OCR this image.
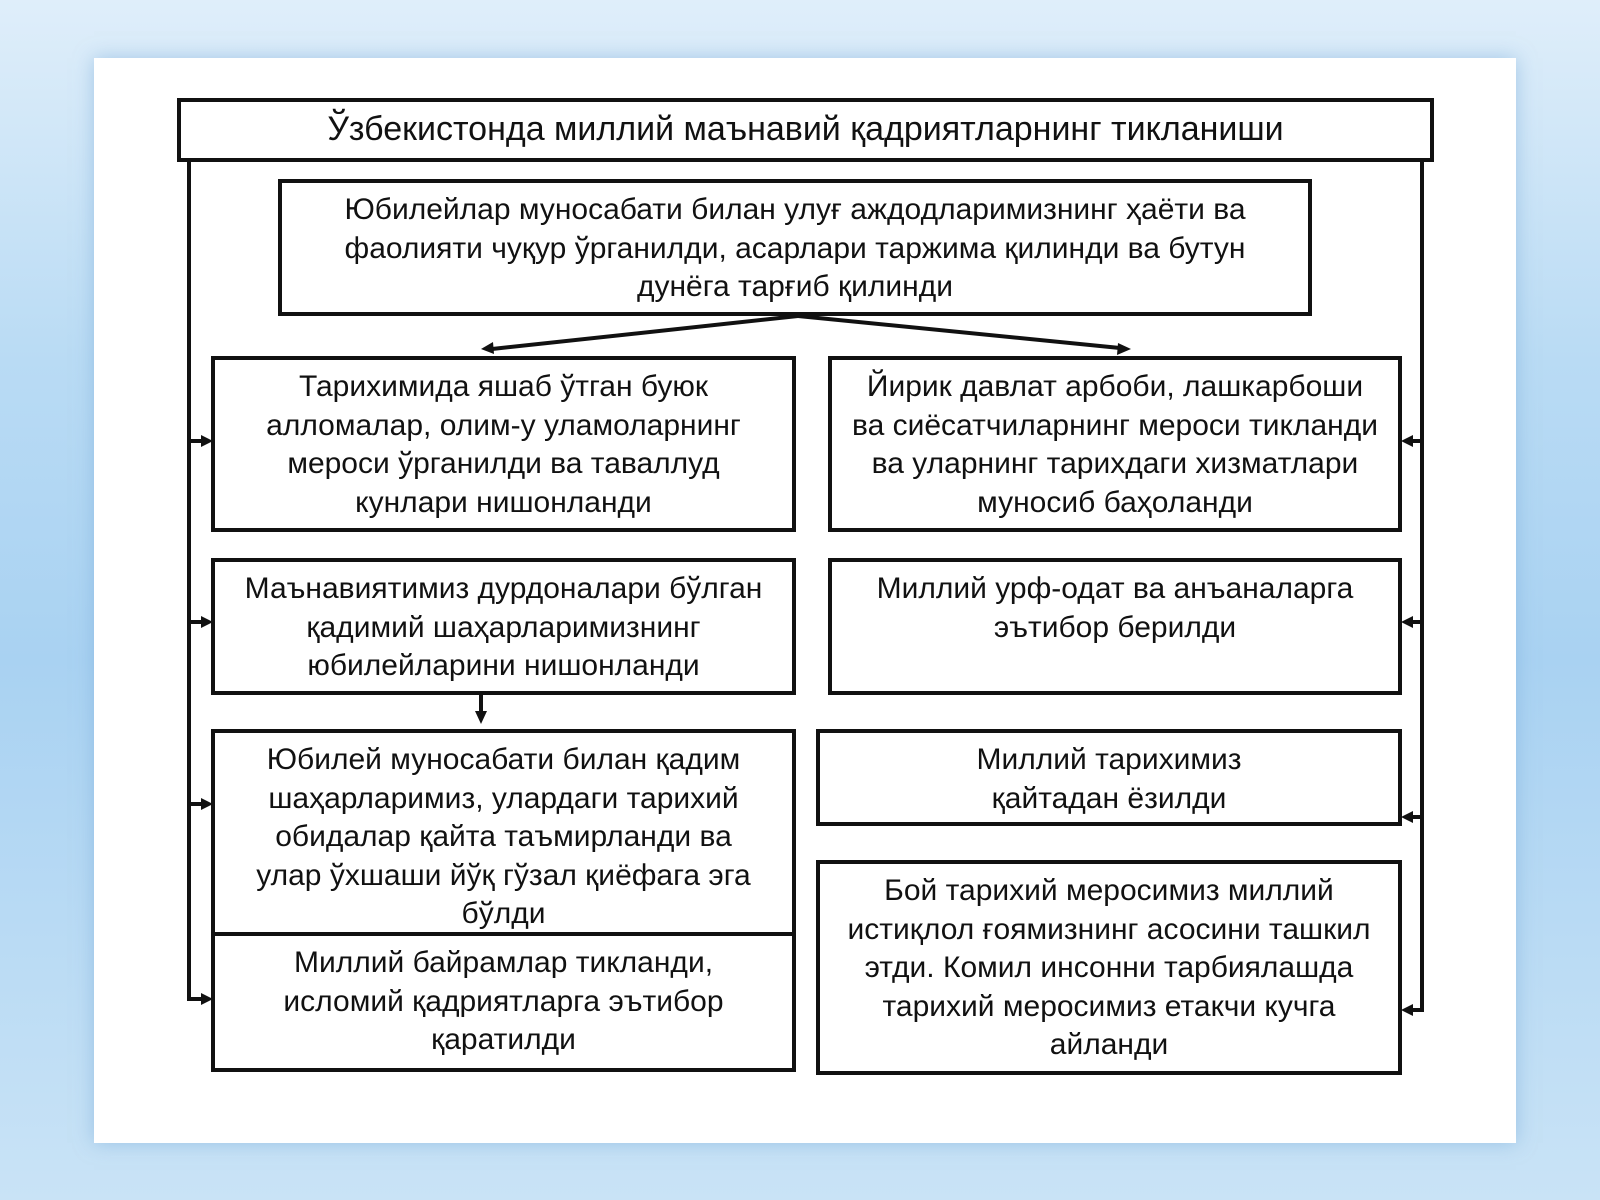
Ўзбекистонда миллий маънавий қадриятларнинг тикланиши
Юбилейлар муносабати билан улуғ аждодларимизнинг ҳаёти ва фаолияти чуқур ўрганилди, асарлари таржима қилинди ва бутун дунёга тарғиб қилинди
Тарихимида яшаб ўтган буюк алломалар, олим-у уламоларнинг мероси ўрганилди ва таваллуд кунлари нишонланди
Йирик давлат арбоби, лашкарбоши ва сиёсатчиларнинг мероси тикланди ва уларнинг тарихдаги хизматлари муносиб баҳоланди
Маънавиятимиз дурдоналари бўлган қадимий шаҳарларимизнинг юбилейларини нишонланди
Миллий урф-одат ва анъаналарга эътибор берилди
Юбилей муносабати билан қадим шаҳарларимиз, улардаги тарихий обидалар қайта таъмирланди ва улар ўхшаши йўқ гўзал қиёфага эга бўлди
Миллий тарихимиз қайтадан ёзилди
Миллий байрамлар тикланди, исломий қадриятларга эътибор қаратилди
Бой тарихий меросимиз миллий истиқлол ғоямизнинг асосини ташкил этди. Комил инсонни тарбиялашда тарихий меросимиз етакчи кучга айланди
